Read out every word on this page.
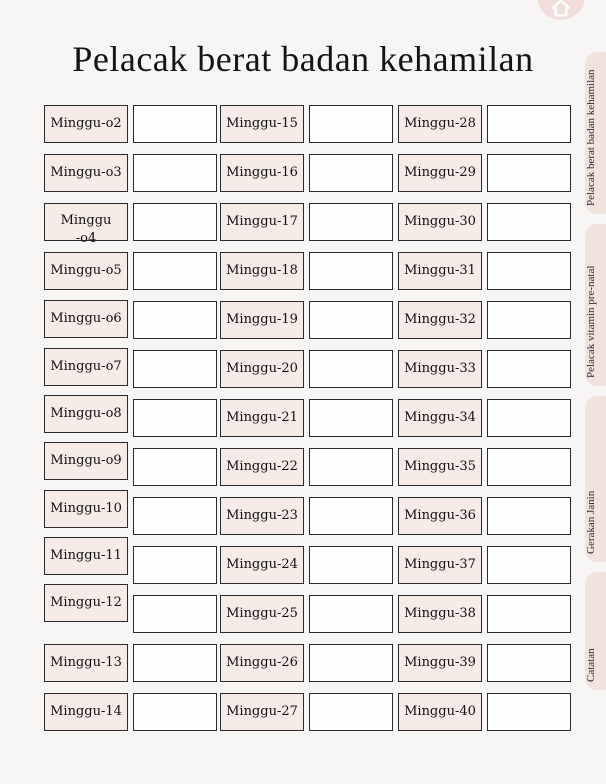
Pelacak berat badan kehamilan
Minggu-o2
Minggu-o3
Minggu-o4
Minggu-o5
Minggu-o6
Minggu-o7
Minggu-o8
Minggu-o9
Minggu-10
Minggu-11
Minggu-12
Minggu-13
Minggu-14
Minggu-15
Minggu-16
Minggu-17
Minggu-18
Minggu-19
Minggu-20
Minggu-21
Minggu-22
Minggu-23
Minggu-24
Minggu-25
Minggu-26
Minggu-27
Minggu-28
Minggu-29
Minggu-30
Minggu-31
Minggu-32
Minggu-33
Minggu-34
Minggu-35
Minggu-36
Minggu-37
Minggu-38
Minggu-39
Minggu-40
Pelacak berat badan kehamilan
Pelacak vitamin pre-natal
Gerakan Janin
Catatan
